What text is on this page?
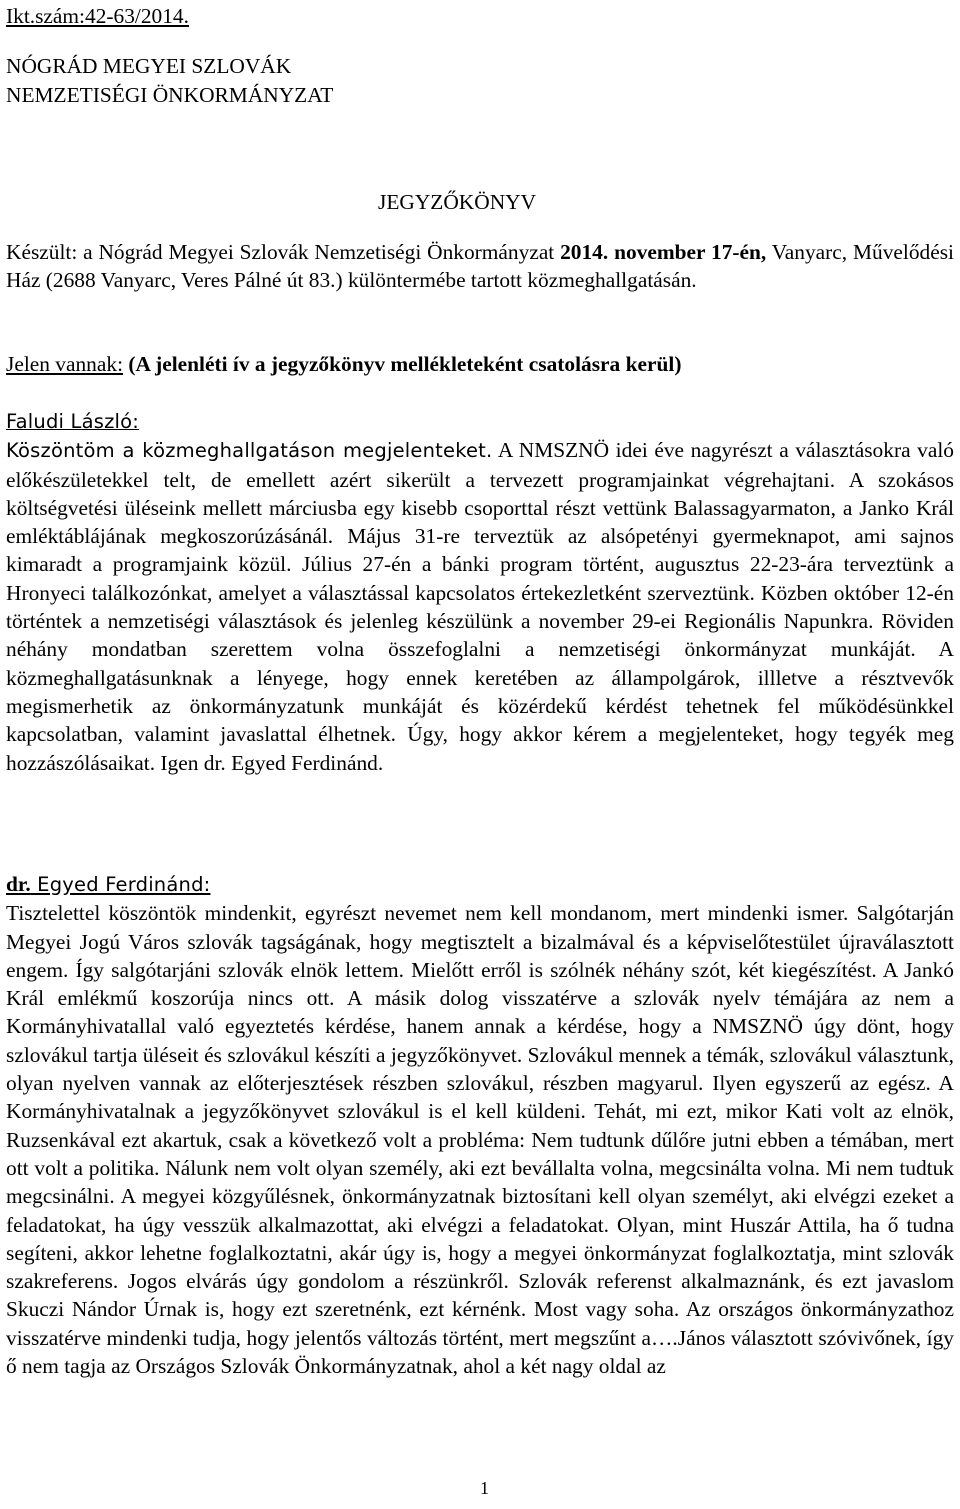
Ikt.szám:42-63/2014.
NÓGRÁD MEGYEI SZLOVÁK
NEMZETISÉGI ÖNKORMÁNYZAT
JEGYZŐKÖNYV

Készült: a Nógrád Megyei Szlovák Nemzetiségi Önkormányzat 2014. november 17-én, Vanyarc, Művelődési Ház (2688 Vanyarc, Veres Pálné út 83.) különtermébe tartott közmeghallgatásán.

Jelen vannak: (A jelenléti ív a jegyzőkönyv mellékleteként csatolásra kerül)

Faludi László:

Köszöntöm a közmeghallgatáson megjelenteket. A NMSZNÖ idei éve nagyrészt a választásokra való előkészületekkel telt, de emellett azért sikerült a tervezett programjainkat végrehajtani. A szokásos költségvetési üléseink mellett márciusba egy kisebb csoporttal részt vettünk Balassagyarmaton, a Janko Král emléktáblájának megkoszorúzásánál. Május 31-re terveztük az alsópetényi gyermeknapot, ami sajnos kimaradt a programjaink közül. Július 27-én a bánki program történt, augusztus 22-23-ára terveztünk a Hronyeci találkozónkat, amelyet a választással kapcsolatos értekezletként szerveztünk. Közben október 12-én történtek a nemzetiségi választások és jelenleg készülünk a november 29-ei Regionális Napunkra. Röviden néhány mondatban szerettem volna összefoglalni a nemzetiségi önkormányzat munkáját. A közmeghallgatásunknak a lényege, hogy ennek keretében az állampolgárok, illletve a résztvevők megismerhetik az önkormányzatunk munkáját és közérdekű kérdést tehetnek fel működésünkkel kapcsolatban, valamint javaslattal élhetnek. Úgy, hogy akkor kérem a megjelenteket, hogy tegyék meg hozzászólásaikat. Igen dr. Egyed Ferdinánd.

dr. Egyed Ferdinánd:

Tisztelettel köszöntök mindenkit, egyrészt nevemet nem kell mondanom, mert mindenki ismer. Salgótarján Megyei Jogú Város szlovák tagságának, hogy megtisztelt a bizalmával és a képviselőtestület újraválasztott engem. Így salgótarjáni szlovák elnök lettem. Mielőtt erről is szólnék néhány szót, két kiegészítést. A Jankó Král emlékmű koszorúja nincs ott. A másik dolog visszatérve a szlovák nyelv témájára az nem a Kormányhivatallal való egyeztetés kérdése, hanem annak a kérdése, hogy a NMSZNÖ úgy dönt, hogy szlovákul tartja üléseit és szlovákul készíti a jegyzőkönyvet. Szlovákul mennek a témák, szlovákul választunk, olyan nyelven vannak az előterjesztések részben szlovákul, részben magyarul. Ilyen egyszerű az egész. A Kormányhivatalnak a jegyzőkönyvet szlovákul is el kell küldeni. Tehát, mi ezt, mikor Kati volt az elnök, Ruzsenkával ezt akartuk, csak a következő volt a probléma: Nem tudtunk dűlőre jutni ebben a témában, mert ott volt a politika. Nálunk nem volt olyan személy, aki ezt bevállalta volna, megcsinálta volna. Mi nem tudtuk megcsinálni. A megyei közgyűlésnek, önkormányzatnak biztosítani kell olyan személyt, aki elvégzi ezeket a feladatokat, ha úgy vesszük alkalmazottat, aki elvégzi a feladatokat. Olyan, mint Huszár Attila, ha ő tudna segíteni, akkor lehetne foglalkoztatni, akár úgy is, hogy a megyei önkormányzat foglalkoztatja, mint szlovák szakreferens. Jogos elvárás úgy gondolom a részünkről. Szlovák referenst alkalmaznánk, és ezt javaslom Skuczi Nándor Úrnak is, hogy ezt szeretnénk, ezt kérnénk. Most vagy soha. Az országos önkormányzathoz visszatérve mindenki tudja, hogy jelentős változás történt, mert megszűnt a….János választott szóvivőnek, így ő nem tagja az Országos Szlovák Önkormányzatnak, ahol a két nagy oldal az

1
